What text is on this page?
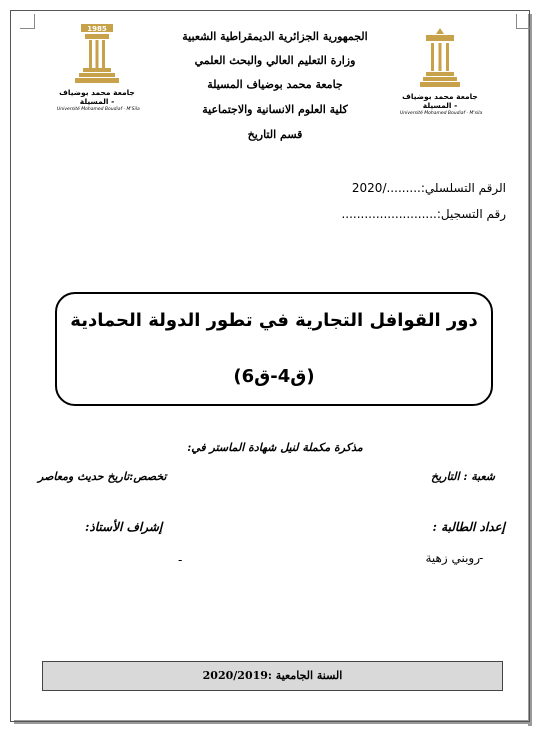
1985
جامعة محمد بوضياف - المسيلة
Université Mohamed Boudiaf - M'Sila
جامعة محمد بوضياف - المسيلة
Université Mohamed Boudiaf - M'sila
الجمهورية الجزائرية الديمقراطية الشعبية
وزارة التعليم العالي والبحث العلمي
جامعة محمد بوضياف المسيلة
كلية العلوم الانسانية والاجتماعية
قسم التاريخ
الرقم التسلسلي:........./2020
رقم التسجيل:.........................
دور القوافل التجارية في تطور الدولة الحمادية
(ق4-ق6)
مذكرة مكملة لنيل شهادة الماستر في:
شعبة : التاريخ
تخصص:تاريخ حديث ومعاصر
إعداد الطالبة :
إشراف الأستاذ:
-
روبني زهية
-
السنة الجامعية :2020/2019
